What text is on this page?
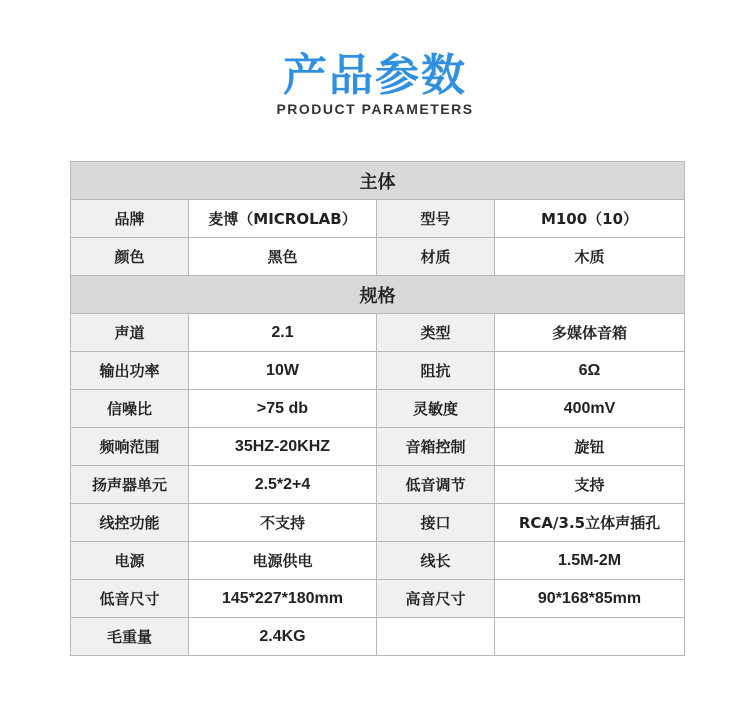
产品参数
PRODUCT PARAMETERS
主体			
品牌	麦博（MICROLAB）	型号	M100（10）
颜色	黑色	材质	木质
规格			
声道	2.1	类型	多媒体音箱
输出功率	10W	阻抗	6Ω
信噪比	>75 db	灵敏度	400mV
频响范围	35HZ-20KHZ	音箱控制	旋钮
扬声器单元	2.5*2+4	低音调节	支持
线控功能	不支持	接口	RCA/3.5立体声插孔
电源	电源供电	线长	1.5M-2M
低音尺寸	145*227*180mm	高音尺寸	90*168*85mm
毛重量	2.4KG		
